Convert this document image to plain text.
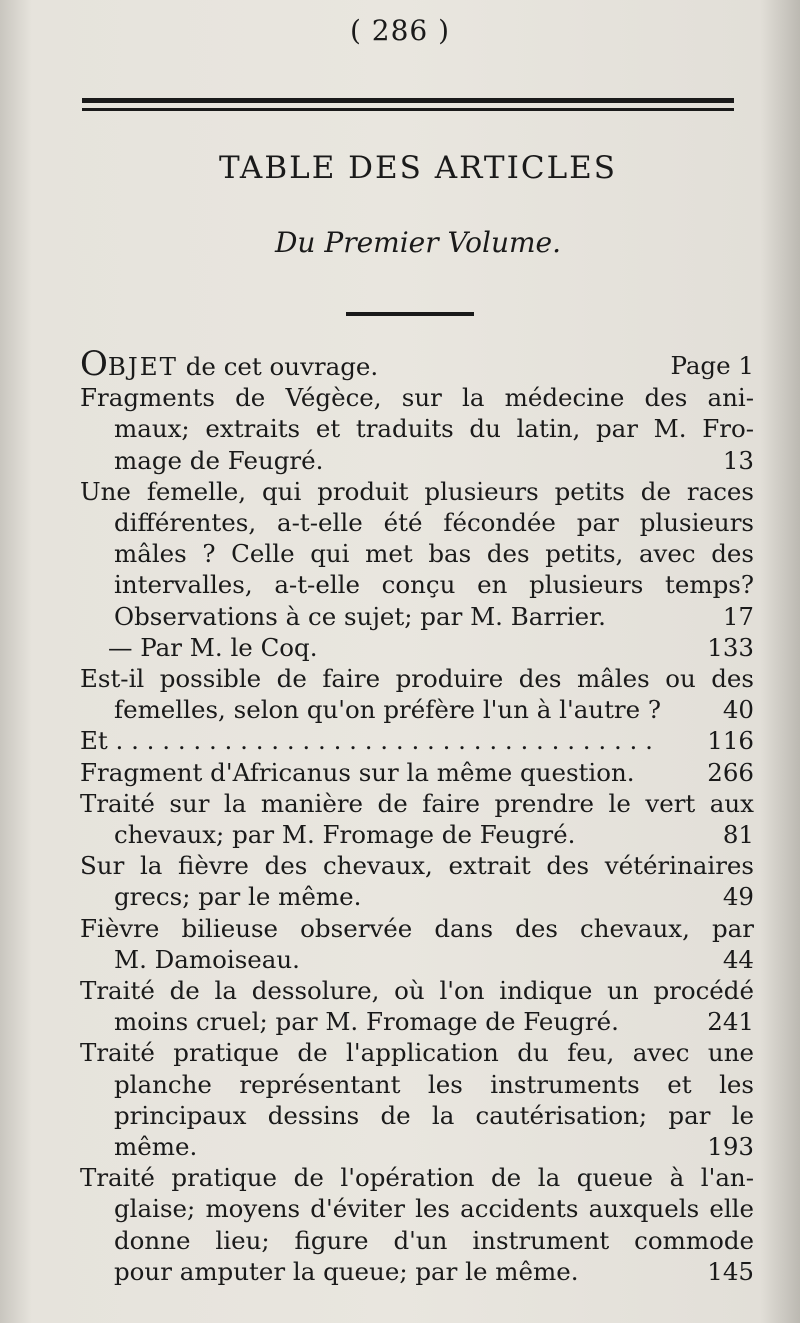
( 286 )
TABLE DES ARTICLES
Du Premier Volume.
OBJET de cet ouvrage.	Page 1
Fragments de Végèce, sur la médecine des ani-
maux; extraits et traduits du latin, par M. Fro-
mage de Feugré.	13
Une femelle, qui produit plusieurs petits de races
différentes, a-t-elle été fécondée par plusieurs
mâles ? Celle qui met bas des petits, avec des
intervalles, a-t-elle conçu en plusieurs temps?
Observations à ce sujet; par M. Barrier.	17
— Par M. le Coq.	133
Est-il possible de faire produire des mâles ou des
femelles, selon qu'on préfère l'un à l'autre ?	40
Et . . . . . . . . . . . . . . . . . . . . . . . . . . . . . . . . . . .	116
Fragment d'Africanus sur la même question.	266
Traité sur la manière de faire prendre le vert aux
chevaux; par M. Fromage de Feugré.	81
Sur la fièvre des chevaux, extrait des vétérinaires
grecs; par le même.	49
Fièvre bilieuse observée dans des chevaux, par
M. Damoiseau.	44
Traité de la dessolure, où l'on indique un procédé
moins cruel; par M. Fromage de Feugré.	241
Traité pratique de l'application du feu, avec une
planche représentant les instruments et les
principaux dessins de la cautérisation; par le
même.	193
Traité pratique de l'opération de la queue à l'an-
glaise; moyens d'éviter les accidents auxquels elle
donne lieu; figure d'un instrument commode
pour amputer la queue; par le même.	145
